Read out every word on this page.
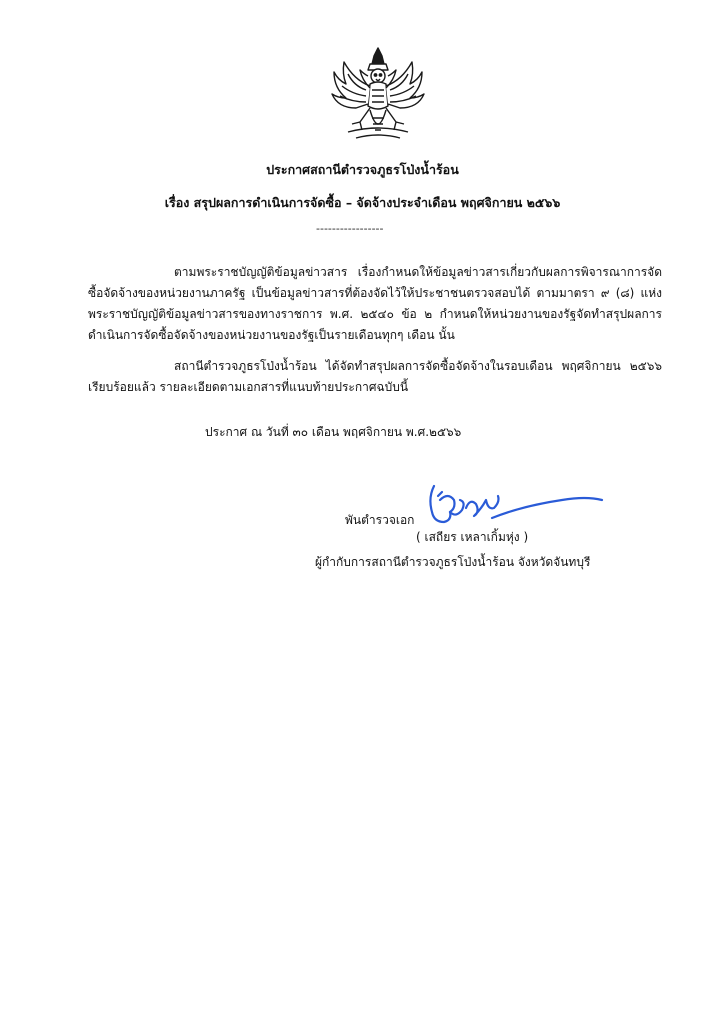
ประกาศสถานีตำรวจภูธรโป่งน้ำร้อน
เรื่อง สรุปผลการดำเนินการจัดซื้อ – จัดจ้างประจำเดือน พฤศจิกายน ๒๕๖๖
-----------------

ตามพระราชบัญญัติข้อมูลข่าวสาร เรื่องกำหนดให้ข้อมูลข่าวสารเกี่ยวกับผลการพิจารณาการจัดซื้อจัดจ้างของหน่วยงานภาครัฐ เป็นข้อมูลข่าวสารที่ต้องจัดไว้ให้ประชาชนตรวจสอบได้ ตามมาตรา ๙ (๘) แห่งพระราชบัญญัติข้อมูลข่าวสารของทางราชการ พ.ศ. ๒๕๔๐ ข้อ ๒ กำหนดให้หน่วยงานของรัฐจัดทำสรุปผลการดำเนินการจัดซื้อจัดจ้างของหน่วยงานของรัฐเป็นรายเดือนทุกๆ เดือน นั้น

สถานีตำรวจภูธรโป่งน้ำร้อน ได้จัดทำสรุปผลการจัดซื้อจัดจ้างในรอบเดือน พฤศจิกายน ๒๕๖๖ เรียบร้อยแล้ว รายละเอียดตามเอกสารที่แนบท้ายประกาศฉบับนี้

ประกาศ ณ วันที่ ๓๐ เดือน พฤศจิกายน พ.ศ.๒๕๖๖
พันตำรวจเอก
( เสถียร เหลาเกิ้มหุ่ง )
ผู้กำกับการสถานีตำรวจภูธรโป่งน้ำร้อน จังหวัดจันทบุรี
